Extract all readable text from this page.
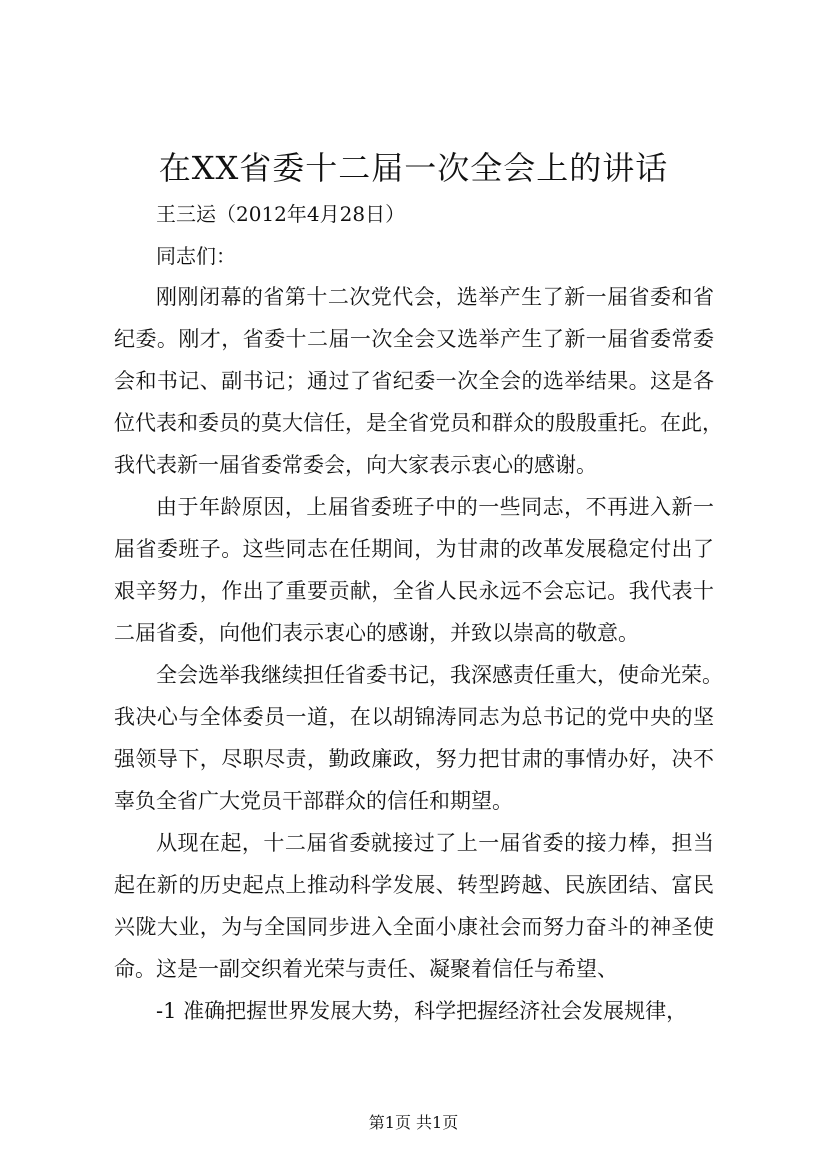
在XX省委十二届一次全会上的讲话
王三运（2012年4月28日）
同志们：
刚刚闭幕的省第十二次党代会，选举产生了新一届省委和省
纪委。刚才，省委十二届一次全会又选举产生了新一届省委常委
会和书记、副书记；通过了省纪委一次全会的选举结果。这是各
位代表和委员的莫大信任，是全省党员和群众的殷殷重托。在此，
我代表新一届省委常委会，向大家表示衷心的感谢。
由于年龄原因，上届省委班子中的一些同志，不再进入新一
届省委班子。这些同志在任期间，为甘肃的改革发展稳定付出了
艰辛努力，作出了重要贡献，全省人民永远不会忘记。我代表十
二届省委，向他们表示衷心的感谢，并致以崇高的敬意。
全会选举我继续担任省委书记，我深感责任重大，使命光荣。
我决心与全体委员一道，在以胡锦涛同志为总书记的党中央的坚
强领导下，尽职尽责，勤政廉政，努力把甘肃的事情办好，决不
辜负全省广大党员干部群众的信任和期望。
从现在起，十二届省委就接过了上一届省委的接力棒，担当
起在新的历史起点上推动科学发展、转型跨越、民族团结、富民
兴陇大业，为与全国同步进入全面小康社会而努力奋斗的神圣使
命。这是一副交织着光荣与责任、凝聚着信任与希望、
-1 准确把握世界发展大势，科学把握经济社会发展规律，
第1页 共1页
